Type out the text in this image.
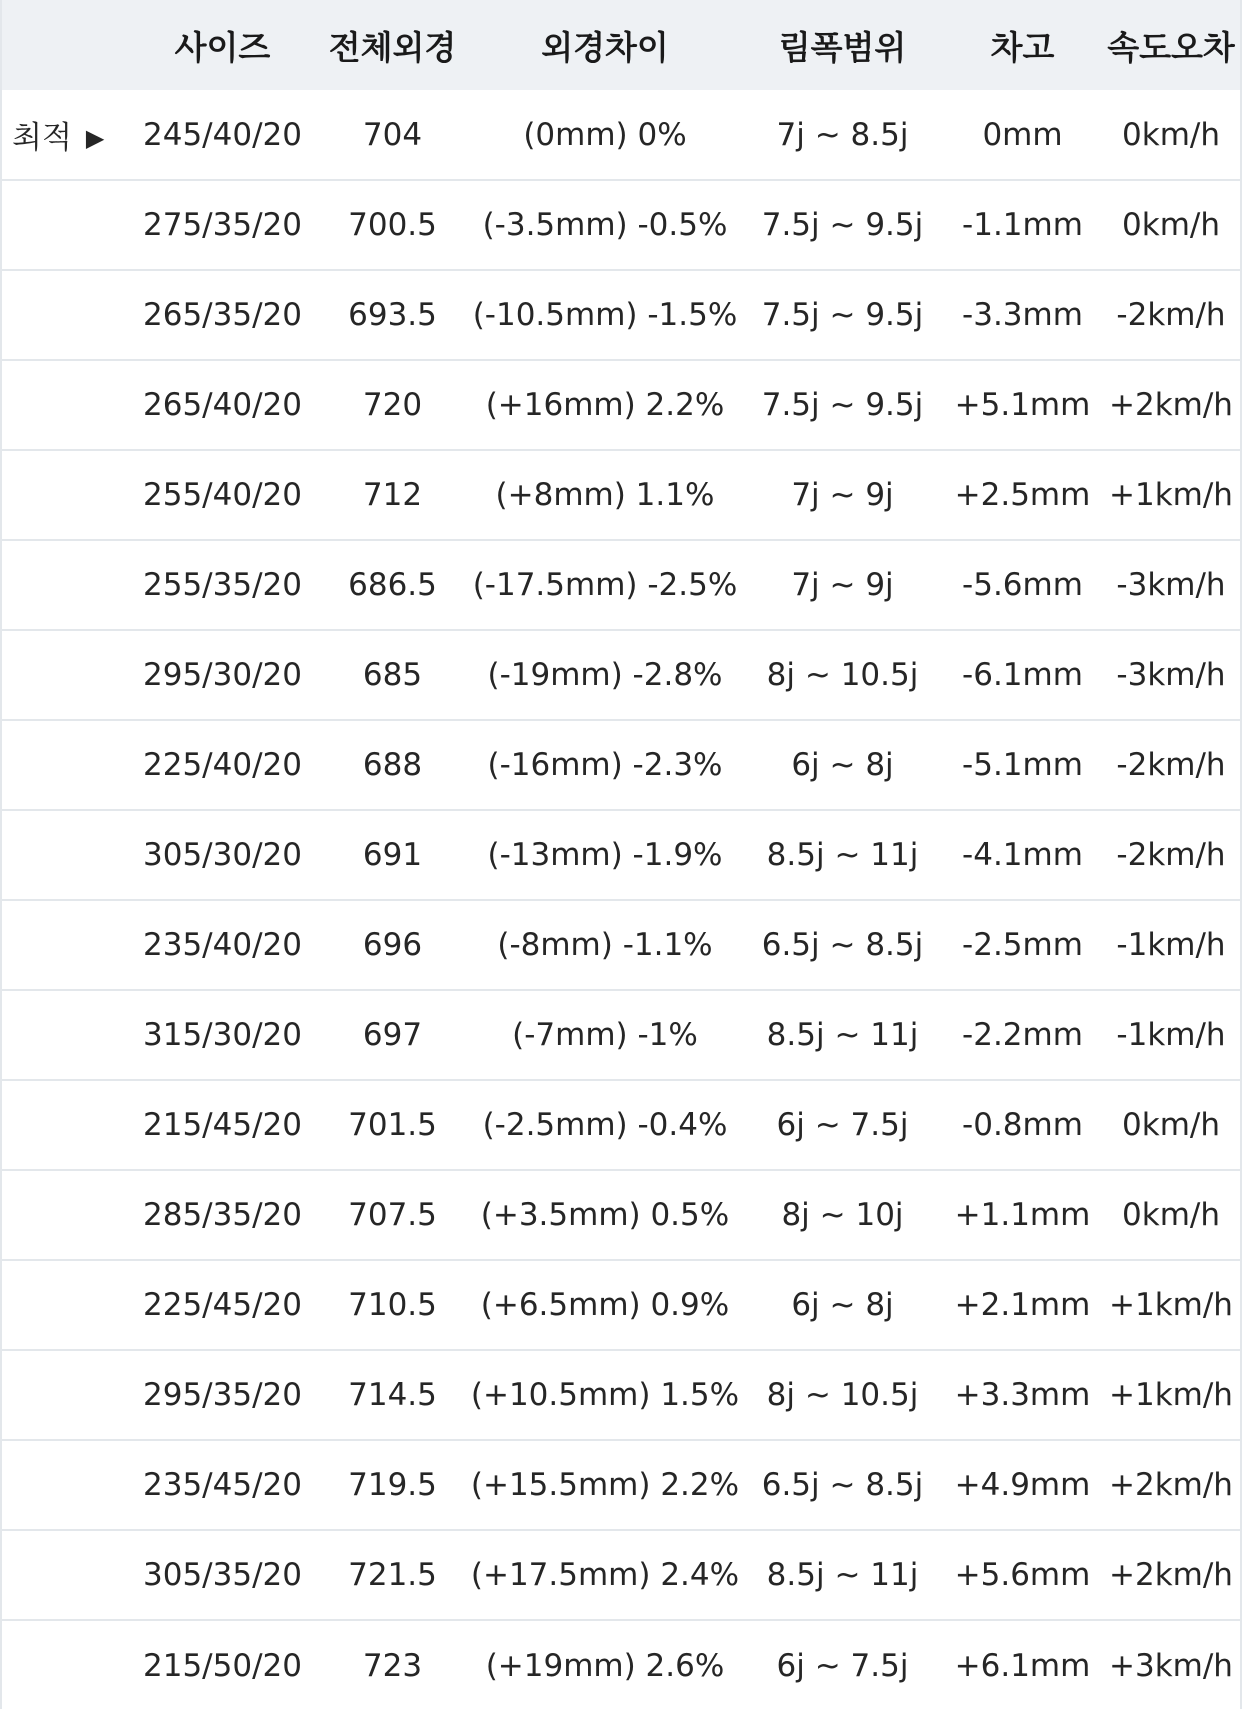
	사이즈	전체외경	외경차이	림폭범위	차고	속도오차
최적 ▶	245/40/20	704	(0mm) 0%	7j ~ 8.5j	0mm	0km/h
	275/35/20	700.5	(-3.5mm) -0.5%	7.5j ~ 9.5j	-1.1mm	0km/h
	265/35/20	693.5	(-10.5mm) -1.5%	7.5j ~ 9.5j	-3.3mm	-2km/h
	265/40/20	720	(+16mm) 2.2%	7.5j ~ 9.5j	+5.1mm	+2km/h
	255/40/20	712	(+8mm) 1.1%	7j ~ 9j	+2.5mm	+1km/h
	255/35/20	686.5	(-17.5mm) -2.5%	7j ~ 9j	-5.6mm	-3km/h
	295/30/20	685	(-19mm) -2.8%	8j ~ 10.5j	-6.1mm	-3km/h
	225/40/20	688	(-16mm) -2.3%	6j ~ 8j	-5.1mm	-2km/h
	305/30/20	691	(-13mm) -1.9%	8.5j ~ 11j	-4.1mm	-2km/h
	235/40/20	696	(-8mm) -1.1%	6.5j ~ 8.5j	-2.5mm	-1km/h
	315/30/20	697	(-7mm) -1%	8.5j ~ 11j	-2.2mm	-1km/h
	215/45/20	701.5	(-2.5mm) -0.4%	6j ~ 7.5j	-0.8mm	0km/h
	285/35/20	707.5	(+3.5mm) 0.5%	8j ~ 10j	+1.1mm	0km/h
	225/45/20	710.5	(+6.5mm) 0.9%	6j ~ 8j	+2.1mm	+1km/h
	295/35/20	714.5	(+10.5mm) 1.5%	8j ~ 10.5j	+3.3mm	+1km/h
	235/45/20	719.5	(+15.5mm) 2.2%	6.5j ~ 8.5j	+4.9mm	+2km/h
	305/35/20	721.5	(+17.5mm) 2.4%	8.5j ~ 11j	+5.6mm	+2km/h
	215/50/20	723	(+19mm) 2.6%	6j ~ 7.5j	+6.1mm	+3km/h
